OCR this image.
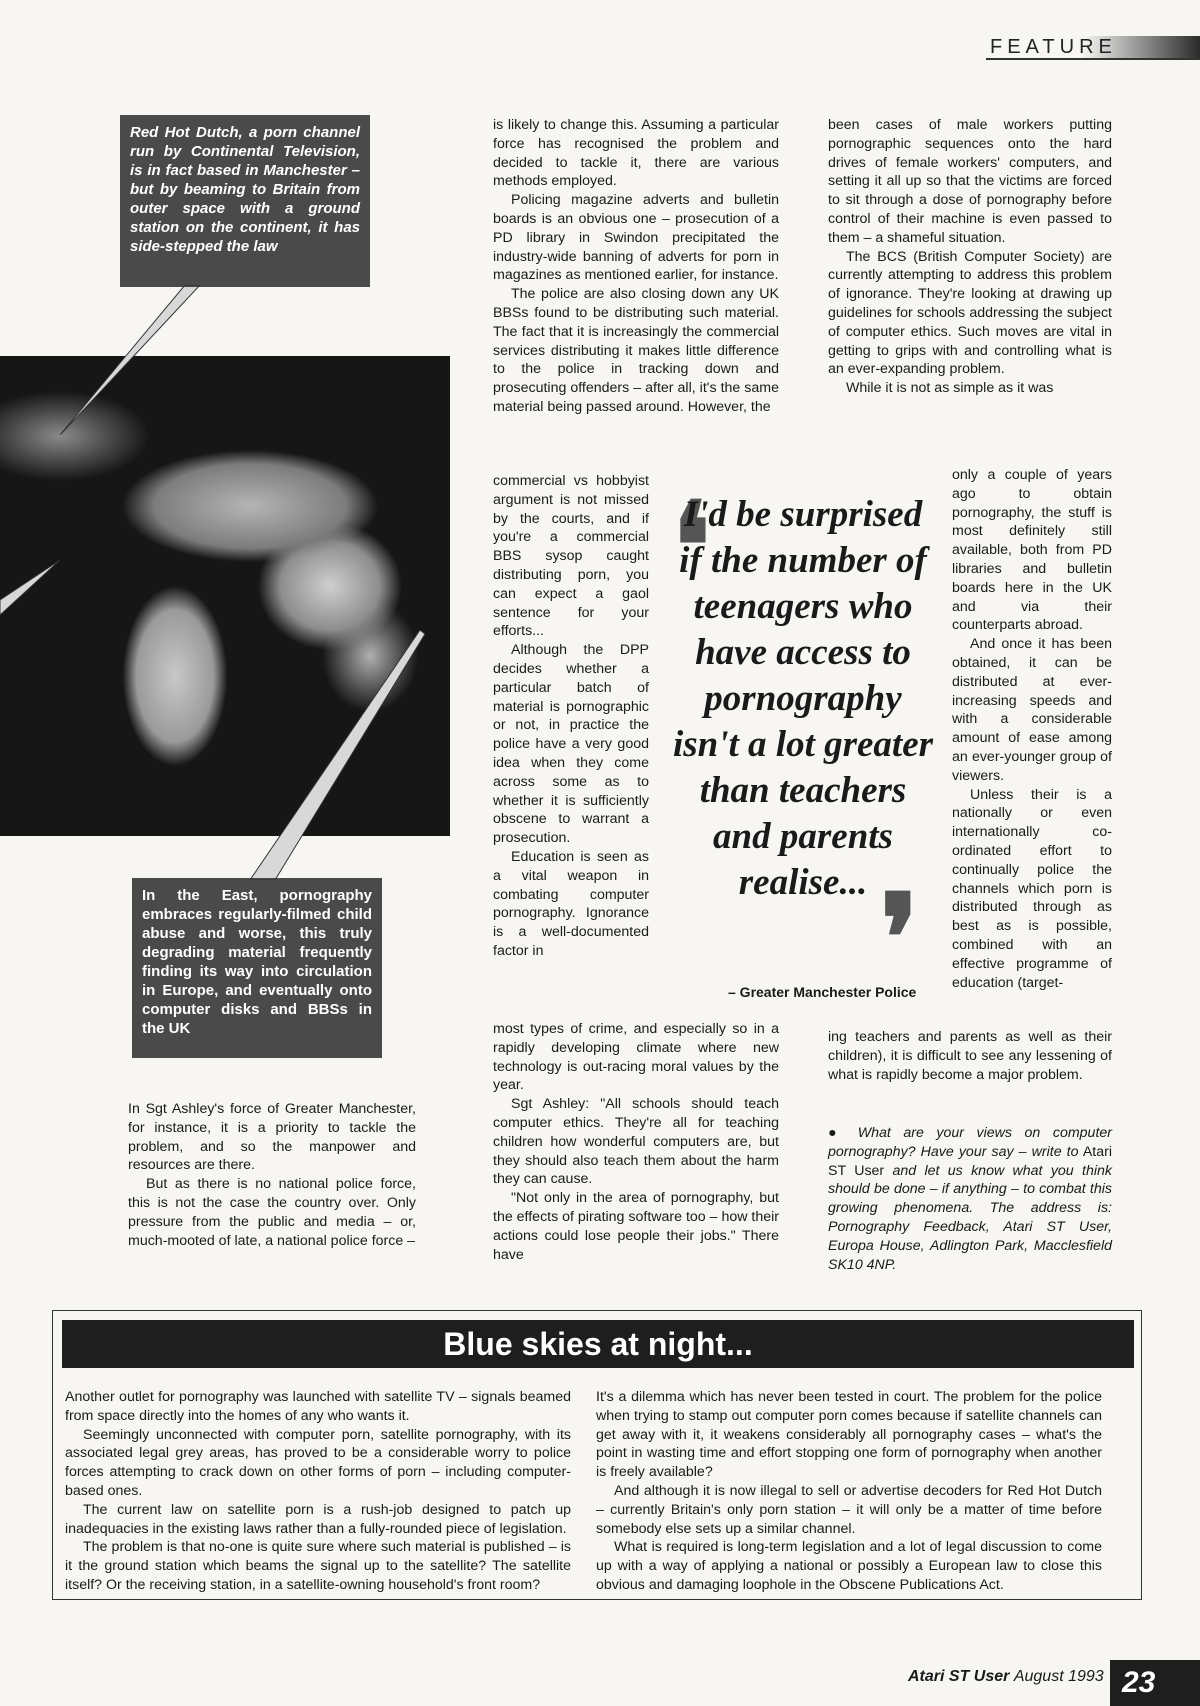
FEATURE
Red Hot Dutch, a porn channel run by Continental Television, is in fact based in Manchester – but by beaming to Britain from outer space with a ground station on the continent, it has side-stepped the law
In the East, pornography embraces regularly-filmed child abuse and worse, this truly degrading material frequently finding its way into circulation in Europe, and eventually onto computer disks and BBSs in the UK

In Sgt Ashley's force of Greater Manchester, for instance, it is a priority to tackle the problem, and so the manpower and resources are there.

But as there is no national police force, this is not the case the country over. Only pressure from the public and media – or, much-mooted of late, a national police force –

is likely to change this. Assuming a particular force has recognised the problem and decided to tackle it, there are various methods employed.

Policing magazine adverts and bulletin boards is an obvious one – prosecution of a PD library in Swindon precipitated the industry-wide banning of adverts for porn in magazines as mentioned earlier, for instance.

The police are also closing down any UK BBSs found to be distributing such material. The fact that it is increasingly the commercial services distributing it makes little difference to the police in tracking down and prosecuting offenders – after all, it's the same material being passed around. However, the

commercial vs hobbyist argument is not missed by the courts, and if you're a commercial BBS sysop caught distributing porn, you can expect a gaol sentence for your efforts...

Although the DPP decides whether a particular batch of material is pornographic or not, in practice the police have a very good idea when they come across some as to whether it is sufficiently obscene to warrant a prosecution.

Education is seen as a vital weapon in combating computer pornography. Ignorance is a well-documented factor in

most types of crime, and especially so in a rapidly developing climate where new technology is out-racing moral values by the year.

Sgt Ashley: "All schools should teach computer ethics. They're all for teaching children how wonderful computers are, but they should also teach them about the harm they can cause.

"Not only in the area of pornography, but the effects of pirating software too – how their actions could lose people their jobs." There have

been cases of male workers putting pornographic sequences onto the hard drives of female workers' computers, and setting it all up so that the victims are forced to sit through a dose of pornography before control of their machine is even passed to them – a shameful situation.

The BCS (British Computer Society) are currently attempting to address this problem of ignorance. They're looking at drawing up guidelines for schools addressing the subject of computer ethics. Such moves are vital in getting to grips with and controlling what is an ever-expanding problem.

While it is not as simple as it was

only a couple of years ago to obtain pornography, the stuff is most definitely still available, both from PD libraries and bulletin boards here in the UK and via their counterparts abroad.

And once it has been obtained, it can be distributed at ever-increasing speeds and with a considerable amount of ease among an ever-younger group of viewers.

Unless their is a nationally or even internationally co-ordinated effort to continually police the channels which porn is distributed through as best as is possible, combined with an effective programme of education (target-

ing teachers and parents as well as their children), it is difficult to see any lessening of what is rapidly become a major problem.

● What are your views on computer pornography? Have your say – write to Atari ST User and let us know what you think should be done – if anything – to combat this growing phenomena. The address is: Pornography Feedback, Atari ST User, Europa House, Adlington Park, Macclesfield SK10 4NP.

❛
I'd be surprised if the number of teenagers who have access to pornography isn't a lot greater than teachers and parents realise... ❜
– Greater Manchester Police
Blue skies at night...

Another outlet for pornography was launched with satellite TV – signals beamed from space directly into the homes of any who wants it.

Seemingly unconnected with computer porn, satellite pornography, with its associated legal grey areas, has proved to be a considerable worry to police forces attempting to crack down on other forms of porn – including computer-based ones.

The current law on satellite porn is a rush-job designed to patch up inadequacies in the existing laws rather than a fully-rounded piece of legislation.

The problem is that no-one is quite sure where such material is published – is it the ground station which beams the signal up to the satellite? The satellite itself? Or the receiving station, in a satellite-owning household's front room?

It's a dilemma which has never been tested in court. The problem for the police when trying to stamp out computer porn comes because if satellite channels can get away with it, it weakens considerably all pornography cases – what's the point in wasting time and effort stopping one form of pornography when another is freely available?

And although it is now illegal to sell or advertise decoders for Red Hot Dutch – currently Britain's only porn station – it will only be a matter of time before somebody else sets up a similar channel.

What is required is long-term legislation and a lot of legal discussion to come up with a way of applying a national or possibly a European law to close this obvious and damaging loophole in the Obscene Publications Act.

Atari ST User August 1993 23
